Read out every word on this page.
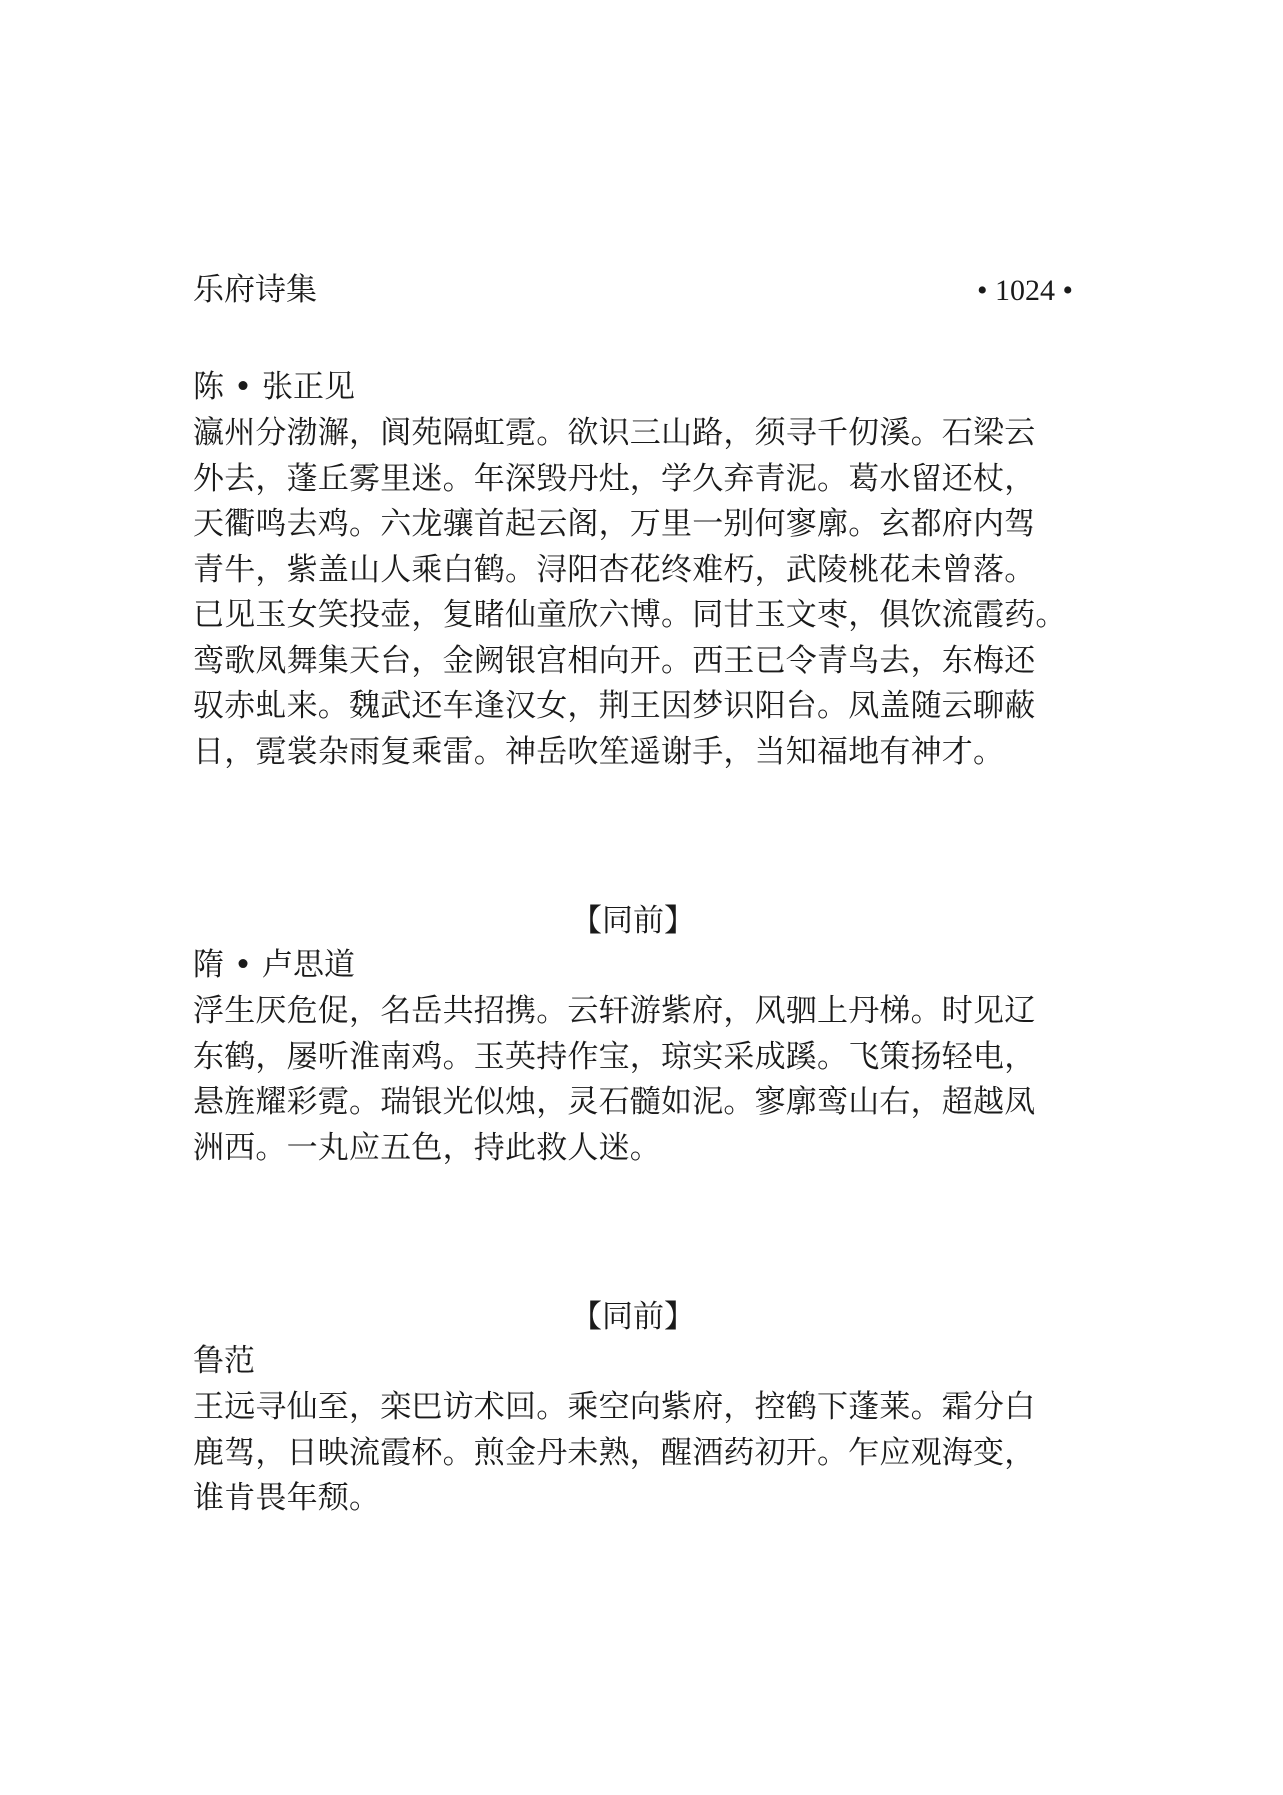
乐府诗集	• 1024 •
陈 • 张正见
瀛州分渤澥，阆苑隔虹霓。欲识三山路，须寻千仞溪。石梁云
外去，蓬丘雾里迷。年深毁丹灶，学久弃青泥。葛水留还杖，
天衢鸣去鸡。六龙骧首起云阁，万里一别何寥廓。玄都府内驾
青牛，紫盖山人乘白鹤。浔阳杏花终难朽，武陵桃花未曾落。
已见玉女笑投壶，复睹仙童欣六博。同甘玉文枣，俱饮流霞药。
鸾歌凤舞集天台，金阙银宫相向开。西王已令青鸟去，东梅还
驭赤虬来。魏武还车逢汉女，荆王因梦识阳台。凤盖随云聊蔽
日，霓裳杂雨复乘雷。神岳吹笙遥谢手，当知福地有神才。
【同前】
隋 • 卢思道
浮生厌危促，名岳共招携。云轩游紫府，风驷上丹梯。时见辽
东鹤，屡听淮南鸡。玉英持作宝，琼实采成蹊。飞策扬轻电，
悬旌耀彩霓。瑞银光似烛，灵石髓如泥。寥廓鸾山右，超越凤
洲西。一丸应五色，持此救人迷。
【同前】
鲁范
王远寻仙至，栾巴访术回。乘空向紫府，控鹤下蓬莱。霜分白
鹿驾，日映流霞杯。煎金丹未熟，醒酒药初开。乍应观海变，
谁肯畏年颓。
